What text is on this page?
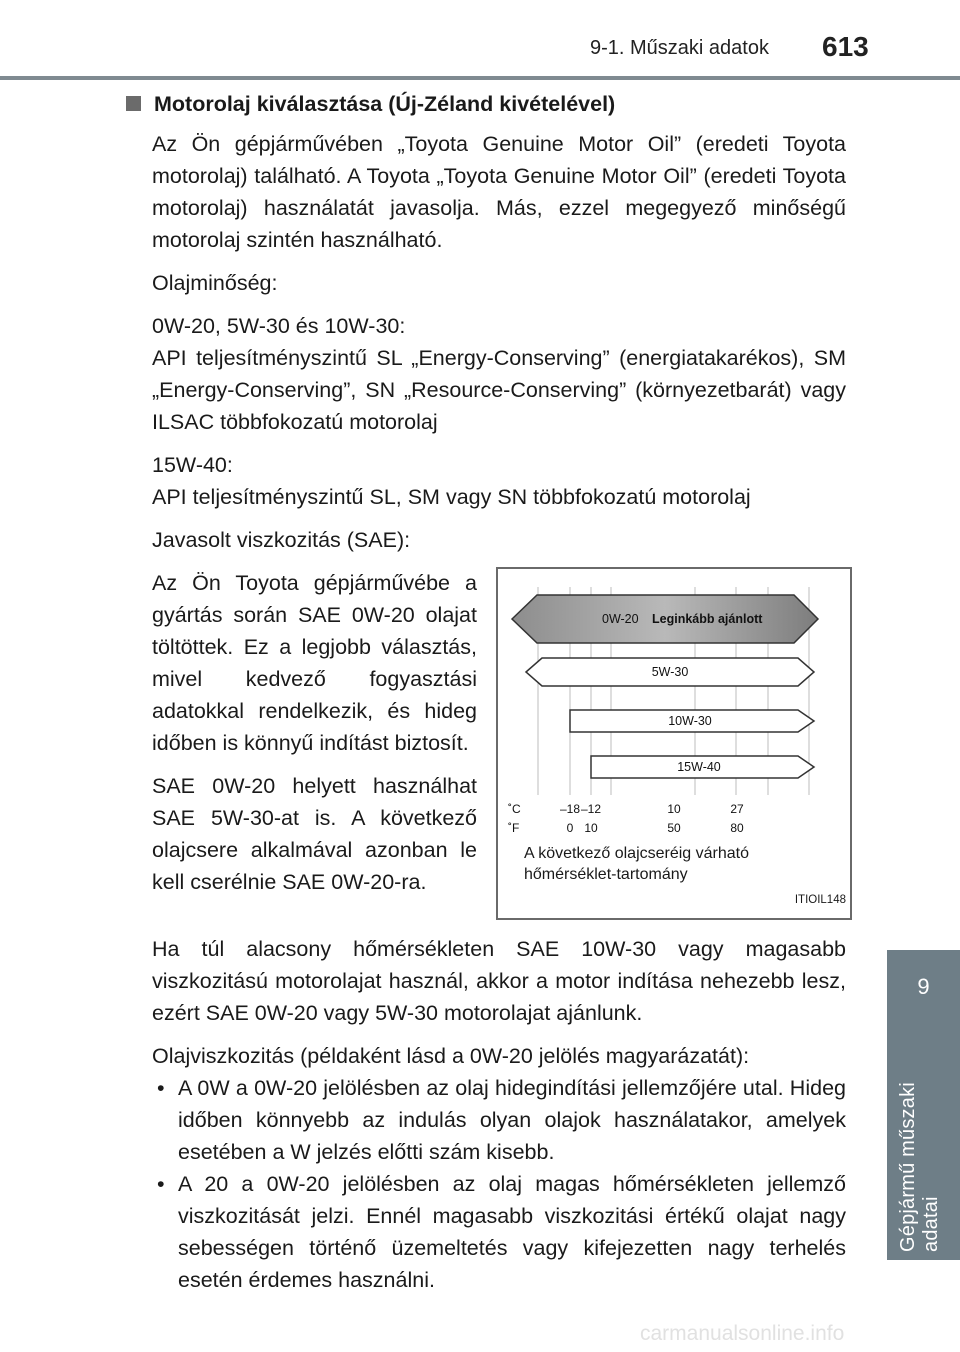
9-1. Műszaki adatok	613
9
Gépjármű műszaki adatai
Motorolaj kiválasztása (Új-Zéland kivételével)

Az Ön gépjárművében „Toyota Genuine Motor Oil” (eredeti Toyota motorolaj) található. A Toyota „Toyota Genuine Motor Oil” (eredeti Toyota motorolaj) használatát javasolja. Más, ezzel megegyező minőségű motorolaj szintén használható.

Olajminőség:

0W-20, 5W-30 és 10W-30:

API teljesítményszintű SL „Energy-Conserving” (energiatakarékos), SM „Energy-Conserving”, SN „Resource-Conserving” (környezetbarát) vagy ILSAC többfokozatú motorolaj

15W-40:

API teljesítményszintű SL, SM vagy SN többfokozatú motorolaj

Javasolt viszkozitás (SAE):

Az Ön Toyota gépjárművébe a gyártás során SAE 0W-20 olajat töltöttek. Ez a legjobb választás, mivel kedvező fogyasztási adatokkal rendelkezik, és hideg időben is könnyű indítást biztosít.

SAE 0W-20 helyett használhat SAE 5W-30-at is. A következő olajcsere alkalmával azonban le kell cserélnie SAE 0W-20-ra.

0W-20 Leginkább ajánlott
5W-30
10W-30
15W-40
˚C
˚F
–18 –12	10	27
0 10	50	80
A következő olajcseréig várható hőmérséklet-tartomány
ITIOIL148

Ha túl alacsony hőmérsékleten SAE 10W-30 vagy magasabb viszkozitású motorolajat használ, akkor a motor indítása nehezebb lesz, ezért SAE 0W-20 vagy 5W-30 motorolajat ajánlunk.

Olajviszkozitás (példaként lásd a 0W-20 jelölés magyarázatát):

• A 0W a 0W-20 jelölésben az olaj hidegindítási jellemzőjére utal. Hideg időben könnyebb az indulás olyan olajok használatakor, amelyek esetében a W jelzés előtti szám kisebb.
• A 20 a 0W-20 jelölésben az olaj magas hőmérsékleten jellemző viszkozitását jelzi. Ennél magasabb viszkozitási értékű olajat nagy sebességen történő üzemeltetés vagy kifejezetten nagy terhelés esetén érdemes használni.
carmanualsonline.info
